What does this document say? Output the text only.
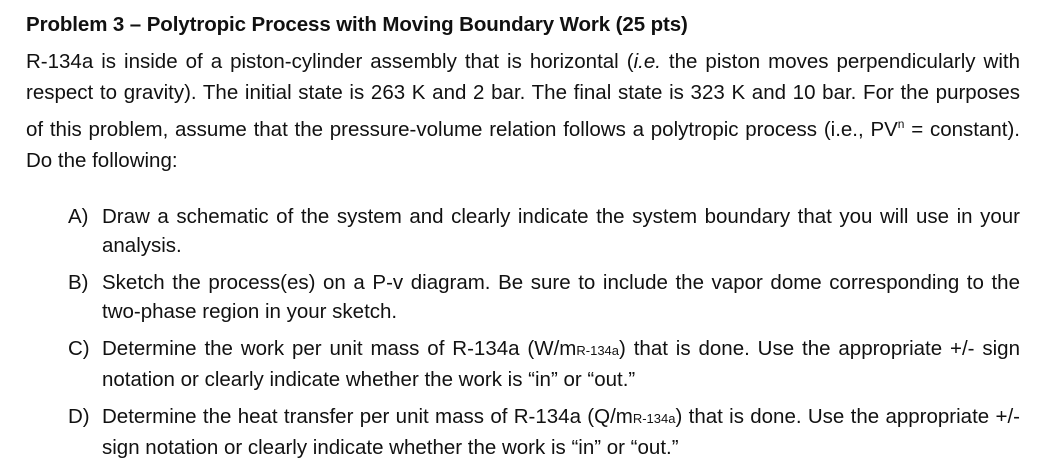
Problem 3 – Polytropic Process with Moving Boundary Work (25 pts)
R-134a is inside of a piston-cylinder assembly that is horizontal (i.e. the piston moves perpendicularly with respect to gravity). The initial state is 263 K and 2 bar. The final state is 323 K and 10 bar. For the purposes of this problem, assume that the pressure-volume relation follows a polytropic process (i.e., $PV^n$ = constant). Do the following:
A) Draw a schematic of the system and clearly indicate the system boundary that you will use in your analysis.
B) Sketch the process(es) on a P-v diagram. Be sure to include the vapor dome corresponding to the two-phase region in your sketch.
C) Determine the work per unit mass of R-134a (W/mR-134a) that is done. Use the appropriate +/- sign notation or clearly indicate whether the work is “in” or “out.”
D) Determine the heat transfer per unit mass of R-134a (Q/mR-134a) that is done. Use the appropriate +/- sign notation or clearly indicate whether the work is “in” or “out.”
